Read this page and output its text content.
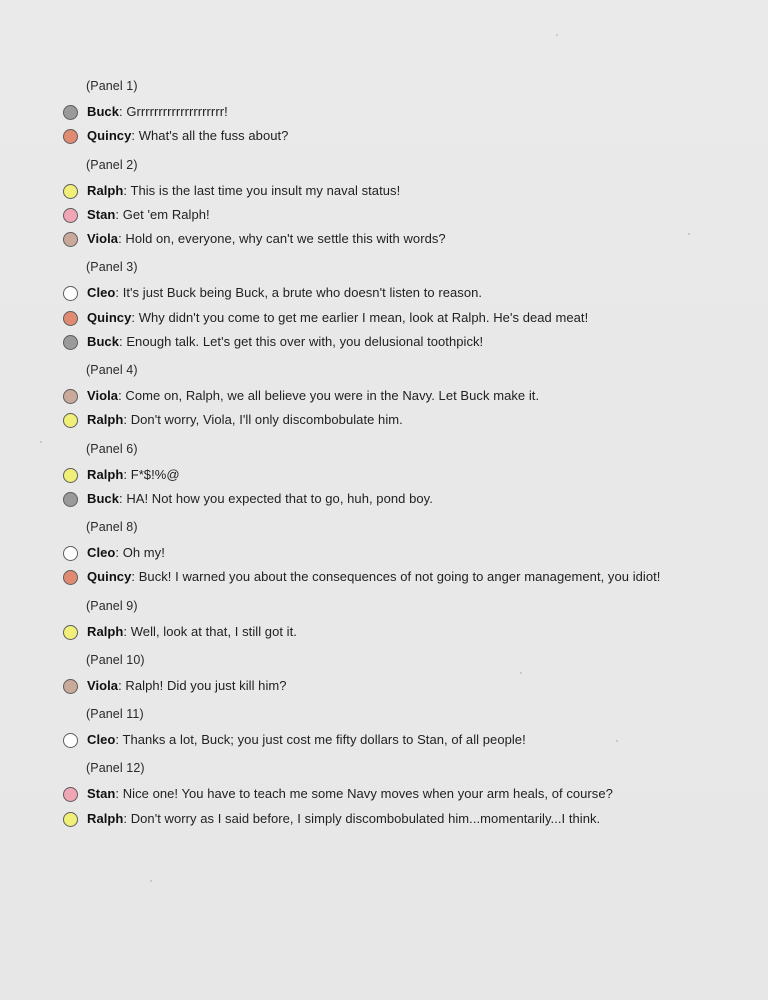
(Panel 1)
Buck: Grrrrrrrrrrrrrrrrrrrr!
Quincy: What's all the fuss about?
(Panel 2)
Ralph: This is the last time you insult my naval status!
Stan: Get 'em Ralph!
Viola: Hold on, everyone, why can't we settle this with words?
(Panel 3)
Cleo: It's just Buck being Buck, a brute who doesn't listen to reason.
Quincy: Why didn't you come to get me earlier I mean, look at Ralph. He's dead meat!
Buck: Enough talk. Let's get this over with, you delusional toothpick!
(Panel 4)
Viola: Come on, Ralph, we all believe you were in the Navy. Let Buck make it.
Ralph: Don't worry, Viola, I'll only discombobulate him.
(Panel 6)
Ralph: F*$!%@
Buck: HA! Not how you expected that to go, huh, pond boy.
(Panel 8)
Cleo: Oh my!
Quincy: Buck! I warned you about the consequences of not going to anger management, you idiot!
(Panel 9)
Ralph: Well, look at that, I still got it.
(Panel 10)
Viola: Ralph! Did you just kill him?
(Panel 11)
Cleo: Thanks a lot, Buck; you just cost me fifty dollars to Stan, of all people!
(Panel 12)
Stan: Nice one! You have to teach me some Navy moves when your arm heals, of course?
Ralph: Don't worry as I said before, I simply discombobulated him...momentarily...I think.
